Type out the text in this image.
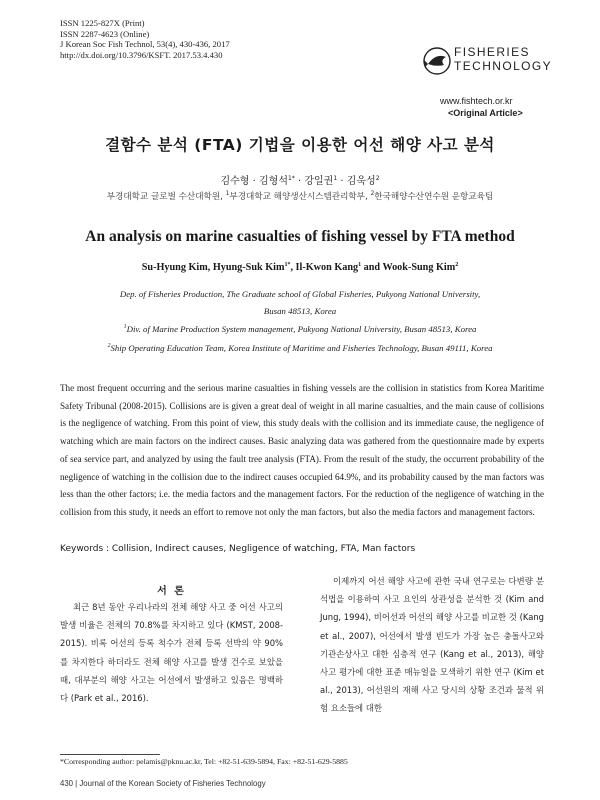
ISSN 1225-827X (Print)
ISSN 2287-4623 (Online)
J Korean Soc Fish Technol, 53(4), 430-436, 2017
http://dx.doi.org/10.3796/KSFT. 2017.53.4.430	FISHERIES
TECHNOLOGY
www.fishtech.or.kr
<Original Article>
결함수 분석 (FTA) 기법을 이용한 어선 해양 사고 분석
김수형 · 김형석$^{1*}$ · 강일권$^1$ · 김욱성$^2$
부경대학교 글로벌 수산대학원, $^1$부경대학교 해양생산시스템관리학부, $^2$한국해양수산연수원 운항교육팀
An analysis on marine casualties of fishing vessel by FTA method
Su-Hyung Kim, Hyung-Suk Kim$^{1*}$, Il-Kwon Kang$^1$ and Wook-Sung Kim$^2$
Dep. of Fisheries Production, The Graduate school of Global Fisheries, Pukyong National University,
Busan 48513, Korea
$^1$Div. of Marine Production System management, Pukyong National University, Busan 48513, Korea
$^2$Ship Operating Education Team, Korea Institute of Maritime and Fisheries Technology, Busan 49111, Korea
The most frequent occurring and the serious marine casualties in fishing vessels are the collision in statistics from Korea Maritime Safety Tribunal (2008-2015). Collisions are is given a great deal of weight in all marine casualties, and the main cause of collisions is the negligence of watching. From this point of view, this study deals with the collision and its immediate cause, the negligence of watching which are main factors on the indirect causes. Basic analyzing data was gathered from the questionnaire made by experts of sea service part, and analyzed by using the fault tree analysis (FTA). From the result of the study, the occurrent probability of the negligence of watching in the collision due to the indirect causes occupied 64.9%, and its probability caused by the man factors was less than the other factors; i.e. the media factors and the management factors. For the reduction of the negligence of watching in the collision from this study, it needs an effort to remove not only the man factors, but also the media factors and management factors.
Keywords : Collision, Indirect causes, Negligence of watching, FTA, Man factors
서 론
최근 8년 동안 우리나라의 전체 해양 사고 중 어선 사고의 발생 비율은 전체의 70.8%를 차지하고 있다 (KMST, 2008-2015). 비록 어선의 등록 척수가 전체 등록 선박의 약 90%를 차지한다 하더라도 전체 해양 사고를 발생 건수로 보았을 때, 대부분의 해양 사고는 어선에서 발생하고 있음은 명백하다 (Park et al., 2016).
이제까지 어선 해양 사고에 관한 국내 연구로는 다변량 분석법을 이용하여 사고 요인의 상관성을 분석한 것 (Kim and Jung, 1994), 비어선과 어선의 해양 사고를 비교한 것 (Kang et al., 2007), 어선에서 발생 빈도가 가장 높은 충돌사고와 기관손상사고 대한 심층적 연구 (Kang et al., 2013), 해양 사고 평가에 대한 표준 매뉴얼을 모색하기 위한 연구 (Kim et al., 2013), 어선원의 재해 사고 당시의 상황 조건과 물적 위험 요소들에 대한
*Corresponding author: pelamis@pknu.ac.kr, Tel: +82-51-639-5894, Fax: +82-51-629-5885
430 | Journal of the Korean Society of Fisheries Technology
